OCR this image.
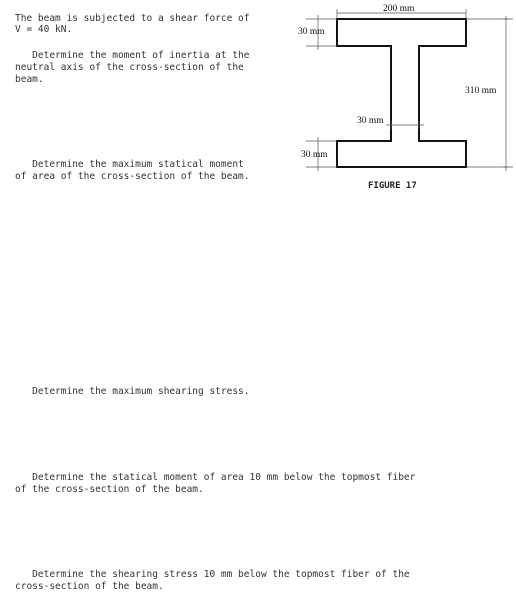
The beam is subjected to a shear force of
V = 40 kN.
Determine the moment of inertia at the
neutral axis of the cross-section of the
beam.
Determine the maximum statical moment
of area of the cross-section of the beam.
Determine the maximum shearing stress.
Determine the statical moment of area 10 mm below the topmost fiber
of the cross-section of the beam.
Determine the shearing stress 10 mm below the topmost fiber of the
cross-section of the beam.
200 mm
30 mm
310 mm
30 mm
30 mm
FIGURE 17
